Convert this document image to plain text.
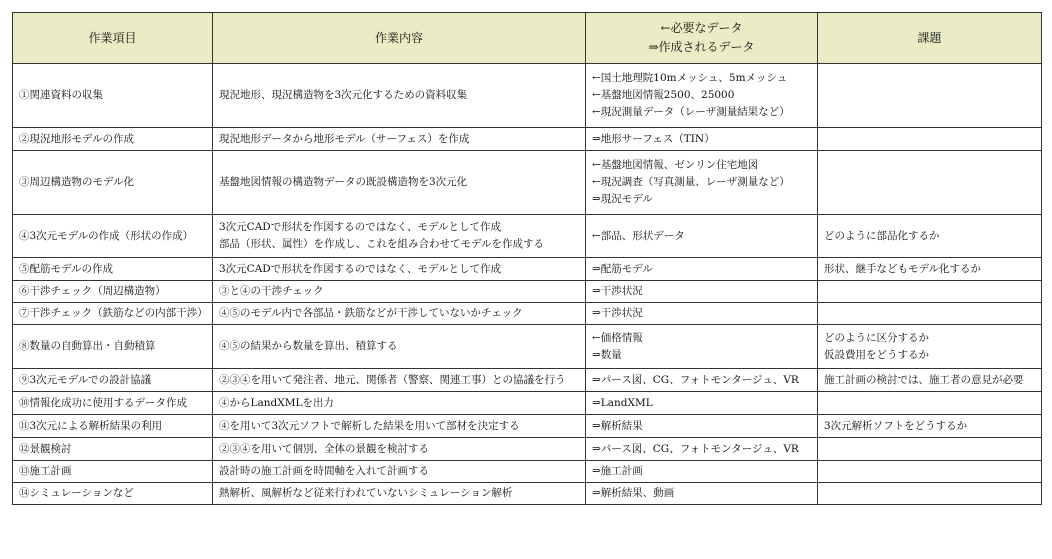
作業項目	作業内容	←必要なデータ
⇒作成されるデータ	課題
①関連資料の収集	現況地形、現況構造物を3次元化するための資料収集	←国土地理院10mメッシュ、5mメッシュ
←基盤地図情報2500、25000
←現況測量データ（レーザ測量結果など）	

②現況地形モデルの作成	現況地形データから地形モデル（サーフェス）を作成	⇒地形サーフェス（TIN）	

③周辺構造物のモデル化	基盤地図情報の構造物データの既設構造物を3次元化	←基盤地図情報、ゼンリン住宅地図
←現況調査（写真測量、レーザ測量など）
⇒現況モデル	

④3次元モデルの作成（形状の作成）	3次元CADで形状を作図するのではなく、モデルとして作成
部品（形状、属性）を作成し、これを組み合わせてモデルを作成する	←部品、形状データ	どのように部品化するか

⑤配筋モデルの作成	3次元CADで形状を作図するのではなく、モデルとして作成	⇒配筋モデル	形状、継手などもモデル化するか

⑥干渉チェック（周辺構造物）	③と④の干渉チェック	⇒干渉状況	

⑦干渉チェック（鉄筋などの内部干渉）	④⑤のモデル内で各部品・鉄筋などが干渉していないかチェック	⇒干渉状況	

⑧数量の自動算出・自動積算	④⑤の結果から数量を算出、積算する	←価格情報
⇒数量	どのように区分するか
仮設費用をどうするか

⑨3次元モデルでの設計協議	②③④を用いて発注者、地元、関係者（警察、関連工事）との協議を行う	⇒パース図、CG、フォトモンタージュ、VR	施工計画の検討では、施工者の意見が必要

⑩情報化成功に使用するデータ作成	④からLandXMLを出力	⇒LandXML	

⑪3次元による解析結果の利用	④を用いて3次元ソフトで解析した結果を用いて部材を決定する	⇒解析結果	3次元解析ソフトをどうするか

⑫景観検討	②③④を用いて個別、全体の景観を検討する	⇒パース図、CG、フォトモンタージュ、VR	

⑬施工計画	設計時の施工計画を時間軸を入れて計画する	⇒施工計画	

⑭シミュレーションなど	熱解析、風解析など従来行われていないシミュレーション解析	⇒解析結果、動画	
